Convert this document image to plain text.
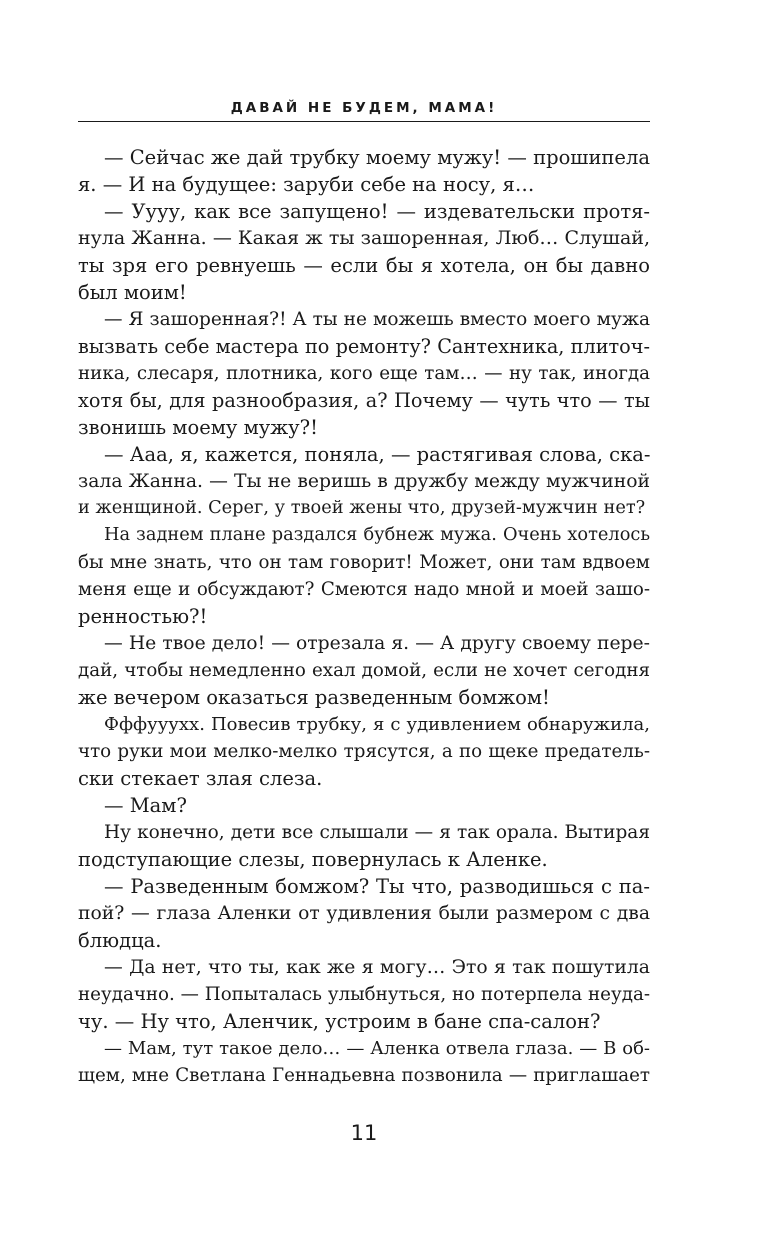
ДАВАЙ НЕ БУДЕМ, МАМА!
— Сейчас же дай трубку моему мужу! — прошипела
я. — И на будущее: заруби себе на носу, я…
— Уууу, как все запущено! — издевательски протя-
нула Жанна. — Какая ж ты зашоренная, Люб… Слушай,
ты зря его ревнуешь — если бы я хотела, он бы давно
был моим!
— Я зашоренная?! А ты не можешь вместо моего мужа
вызвать себе мастера по ремонту? Сантехника, плиточ-
ника, слесаря, плотника, кого еще там… — ну так, иногда
хотя бы, для разнообразия, а? Почему — чуть что — ты
звонишь моему мужу?!
— Ааа, я, кажется, поняла, — растягивая слова, ска-
зала Жанна. — Ты не веришь в дружбу между мужчиной
и женщиной. Серег, у твоей жены что, друзей-мужчин нет?
На заднем плане раздался бубнеж мужа. Очень хотелось
бы мне знать, что он там говорит! Может, они там вдвоем
меня еще и обсуждают? Смеются надо мной и моей зашо-
ренностью?!
— Не твое дело! — отрезала я. — А другу своему пере-
дай, чтобы немедленно ехал домой, если не хочет сегодня
же вечером оказаться разведенным бомжом!
Фффууухх. Повесив трубку, я с удивлением обнаружила,
что руки мои мелко-мелко трясутся, а по щеке предатель-
ски стекает злая слеза.
— Мам?
Ну конечно, дети все слышали — я так орала. Вытирая
подступающие слезы, повернулась к Аленке.
— Разведенным бомжом? Ты что, разводишься с па-
пой? — глаза Аленки от удивления были размером с два
блюдца.
— Да нет, что ты, как же я могу… Это я так пошутила
неудачно. — Попыталась улыбнуться, но потерпела неуда-
чу. — Ну что, Аленчик, устроим в бане спа-салон?
— Мам, тут такое дело… — Аленка отвела глаза. — В об-
щем, мне Светлана Геннадьевна позвонила — приглашает
11
